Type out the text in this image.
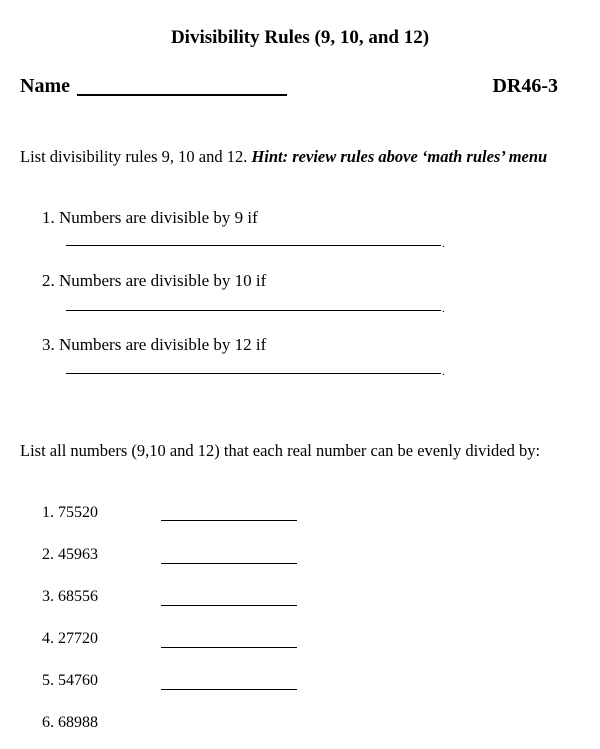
Divisibility Rules (9, 10, and 12)
Name	DR46-3
List divisibility rules 9, 10 and 12. Hint: review rules above ‘math rules’ menu
1. Numbers are divisible by 9 if
.
2. Numbers are divisible by 10 if
.
3. Numbers are divisible by 12 if
.
List all numbers (9,10 and 12) that each real number can be evenly divided by:
1. 75520
2. 45963
3. 68556
4. 27720
5. 54760
6. 68988
